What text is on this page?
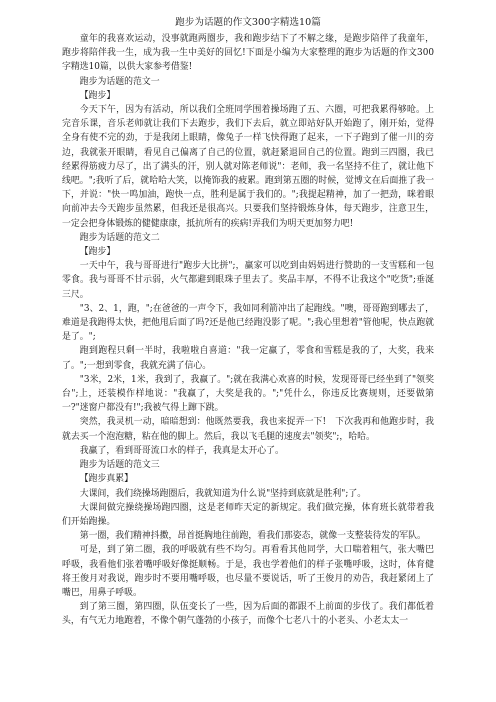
跑步为话题的作文300字精选10篇

童年的我喜欢运动，没事就跑两圈步，我和跑步结下了不解之缘，是跑步陪伴了我童年，跑步将陪伴我一生，成为我一生中美好的回忆!下面是小编为大家整理的跑步为话题的作文300字精选10篇，以供大家参考借鉴!

跑步为话题的范文一

【跑步】

今天下午，因为有活动，所以我们全班同学围着操场跑了五、六圈，可把我累得够呛。上完音乐课，音乐老师就让我们下去跑步，我们下去后，就立即站好队开始跑了，刚开始，觉得全身有使不完的劲，于是我闭上眼睛，像兔子一样飞快得跑了起来，一下子跑到了催一川的旁边，我就张开眼睛，看见自己偏离了自己的位置，就赶紧退回自己的位置。跑到三四圈，我已经累得筋疲力尽了，出了满头的汗，别人就对陈老师说"：老师，我一名坚持不住了，就让他下线吧。";我听了后，就哈哈大笑，以掩饰我的疲累。跑到第五圈的时候，觉博文在后面推了我一下，并说："快一鸣加油，跑快一点，胜利是属于我们的。";我提起精神，加了一把劲，咪着眼向前冲去今天跑步虽然累，但我还是很高兴。只要我们坚持锻炼身体，每天跑步，注意卫生，一定会把身体锻炼的健健康康，抵抗所有的疾病!弄我们为明天更加努力吧!

跑步为话题的范文二

【跑步】

一天中午，我与哥哥进行"跑步大比拼";，赢家可以吃到由妈妈进行赞助的一支雪糕和一包零食。我与哥哥不甘示弱，火气都避到眼珠子里去了。奖品丰厚，不得不让我这个"吃货";垂涎三尺。

"3、2、1，跑，";在爸爸的一声令下，我如同利箭冲出了起跑线。"噢，哥哥跑到哪去了，难道是我跑得太快，把他甩后面了吗?还是他已经跑没影了呢。";我心里想着"管他呢，快点跑就是了。";

跑到跑程只剩一半时，我啦啦自喜道："我一定赢了，零食和雪糕是我的了，大奖，我来了。";一想到零食，我就充满了信心。

"3米，2米，1米，我到了，我赢了。";就在我满心欢喜的时候，发现哥哥已经坐到了"领奖台";上，还装模作样地说："我赢了，大奖是我的。";"凭什么，你违反比赛规则，还要做第一?"迷窗户都没有!";我被气得上蹿下跳。

突然，我灵机一动，暗暗想到：他既然要我，我也来捉弄一下!　下次我再和他跑步时，我就去买一个泡泡糖，粘在他的脚上。然后，我以飞毛腿的速度去"领奖";，哈哈。

我赢了，看到哥哥流口水的样子，我真是太开心了。

跑步为话题的范文三

【跑步真累】

大课间，我们绕操场跑圈后，我就知道为什么说"坚持到底就是胜利";了。

大课间做完操绕操场跑四圈，这是老师昨天定的新规定。我们做完操，体育班长就带着我们开始跑操。

第一圈，我们精神抖擞，昂首挺胸地往前跑，看我们那姿态，就像一支整装待发的军队。

可是，到了第二圈，我的呼吸就有些不均匀。再看看其他同学，大口喘着粗气，张大嘴巴呼吸，我看他们张着嘴呼吸好像挺顺畅。于是，我也学着他们的样子张嘴呼吸，这时，体育健将王俊月对我说，跑步时不要用嘴呼吸，也尽量不要说话，听了王俊月的劝告，我赶紧闭上了嘴巴，用鼻子呼吸。

到了第三圈，第四圈，队伍变长了一些，因为后面的都跟不上前面的步伐了。我们都低着头，有气无力地跑着，不像个朝气蓬勃的小孩子，而像个七老八十的小老头、小老太太一
